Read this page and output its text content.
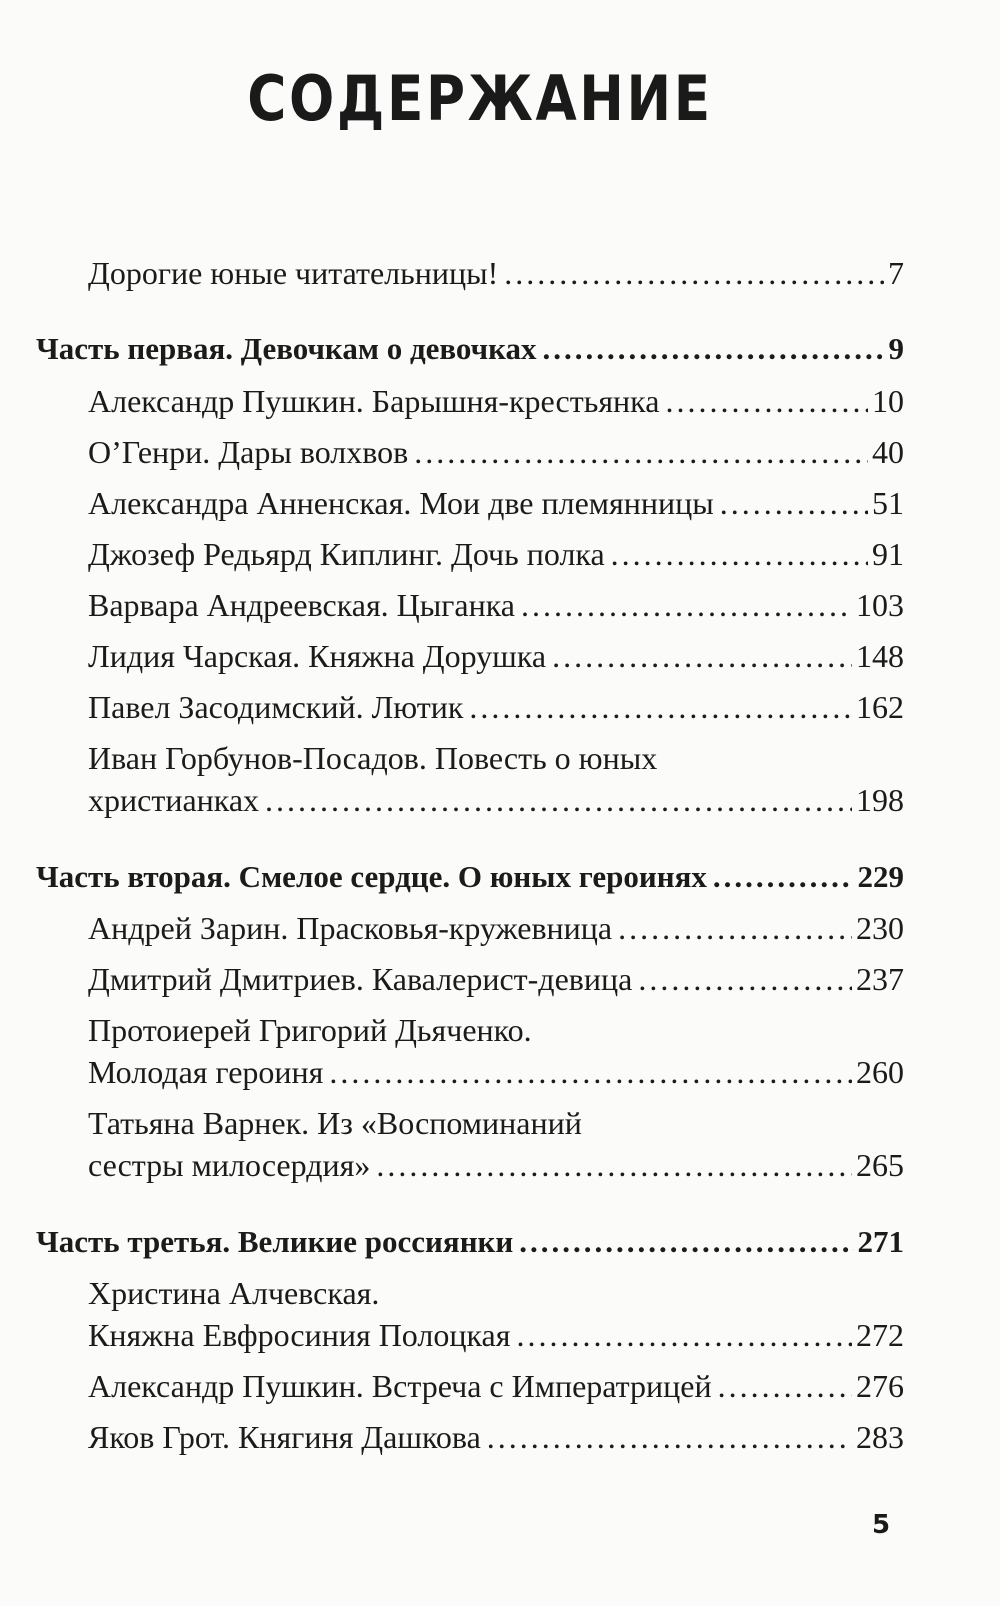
СОДЕРЖАНИЕ
Дорогие юные читательницы! .....	7
Часть первая. Девочкам о девочках .....	9
Александр Пушкин. Барышня-крестьянка .....	10
О’Генри. Дары волхвов .....	40
Александра Анненская. Мои две племянницы .....	51
Джозеф Редьярд Киплинг. Дочь полка .....	91
Варвара Андреевская. Цыганка .....	103
Лидия Чарская. Княжна Дорушка .....	148
Павел Засодимский. Лютик .....	162
Иван Горбунов-Посадов. Повесть о юных
христианках .....	198
Часть вторая. Смелое сердце. О юных героинях .....	229
Андрей Зарин. Прасковья-кружевница .....	230
Дмитрий Дмитриев. Кавалерист-девица .....	237
Протоиерей Григорий Дьяченко.
Молодая героиня .....	260
Татьяна Варнек. Из «Воспоминаний
сестры милосердия» .....	265
Часть третья. Великие россиянки .....	271
Христина Алчевская.
Княжна Евфросиния Полоцкая .....	272
Александр Пушкин. Встреча с Императрицей .....	276
Яков Грот. Княгиня Дашкова .....	283
5
